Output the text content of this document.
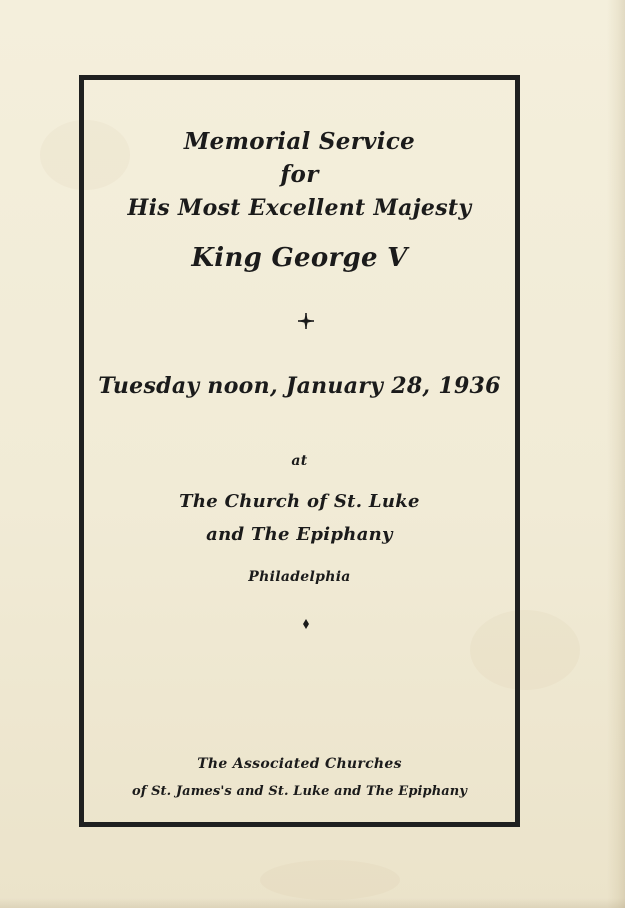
Memorial Service
for
His Most Excellent Majesty
King George V
Tuesday noon, January 28, 1936
at
The Church of St. Luke
and The Epiphany
Philadelphia
The Associated Churches
of St. James's and St. Luke and The Epiphany
